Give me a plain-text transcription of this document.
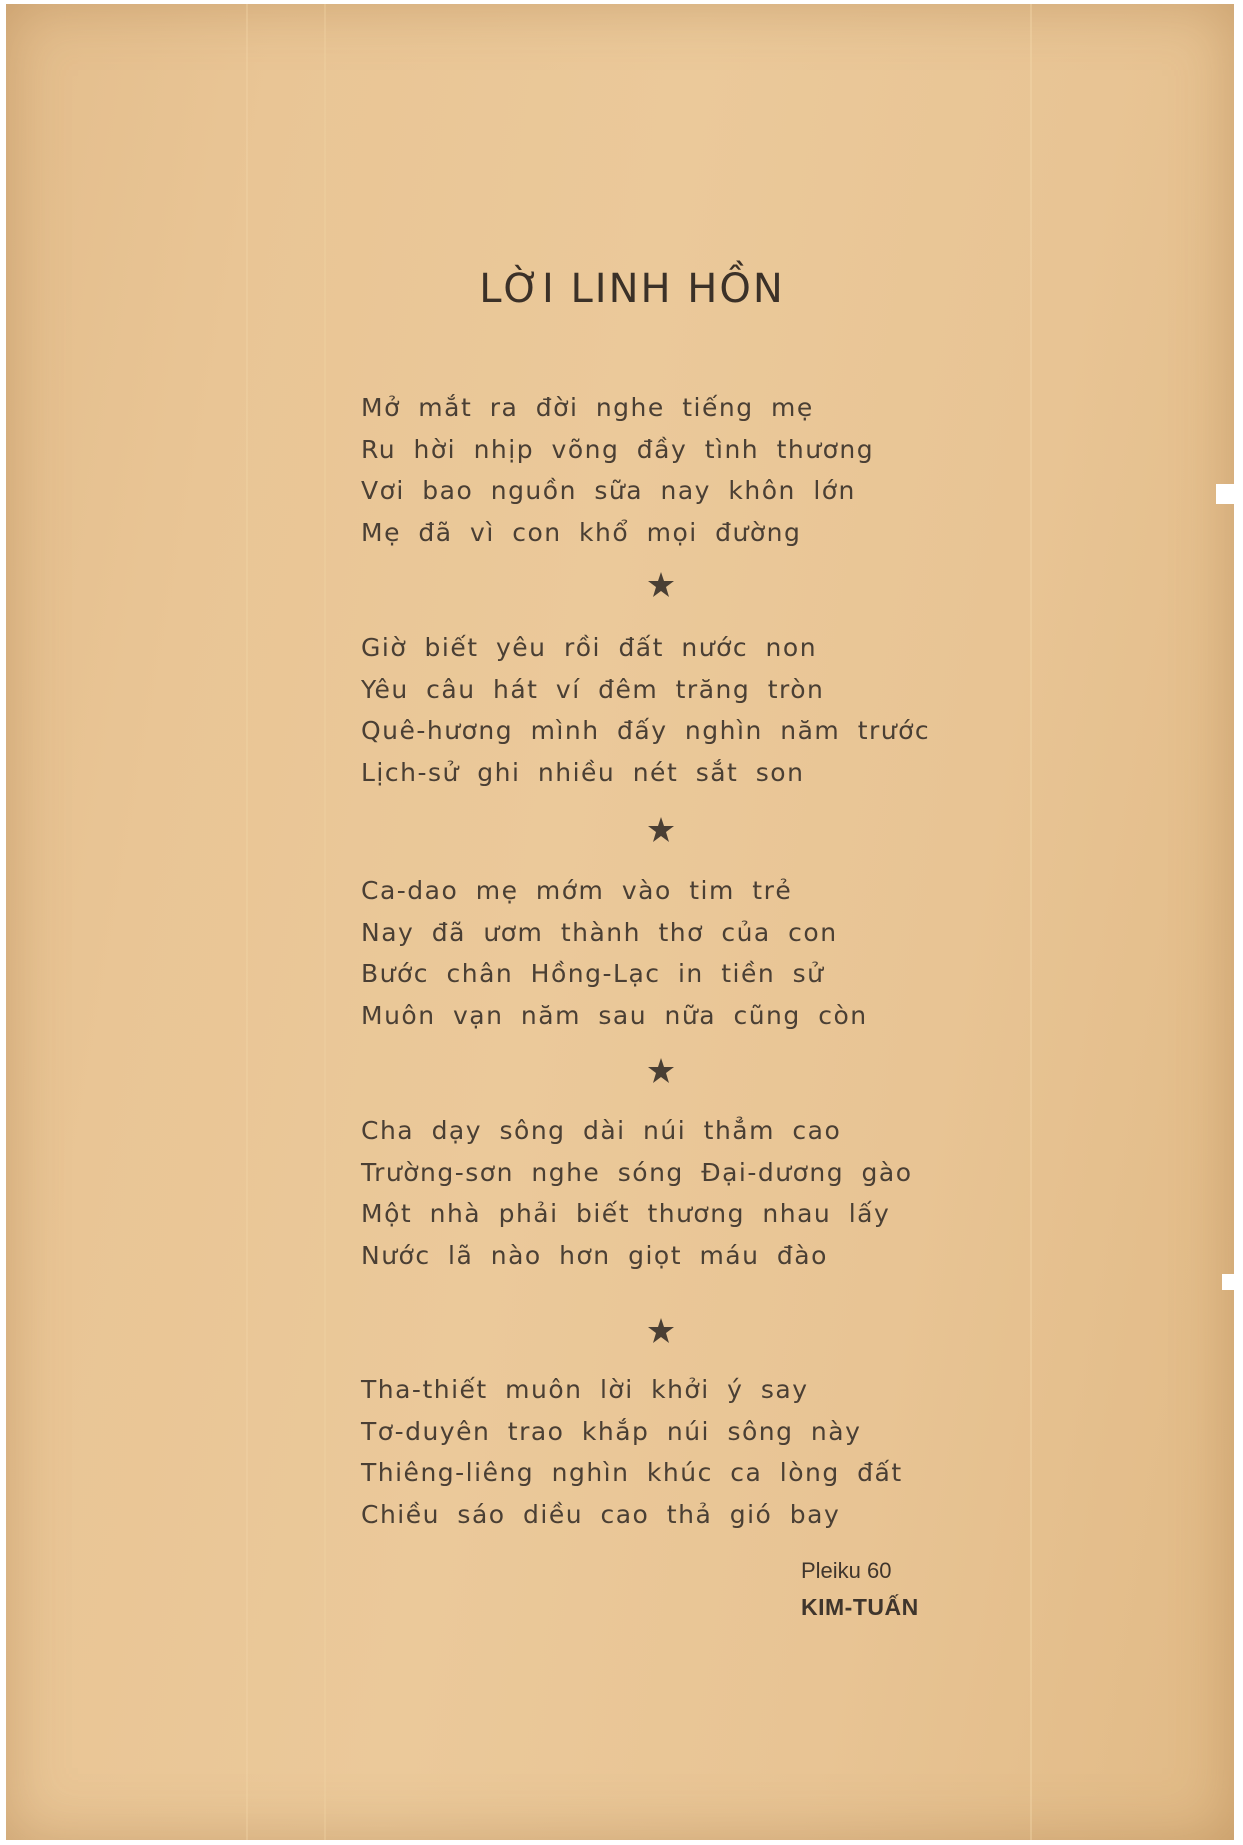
LỜI LINH HỒN
Mở mắt ra đời nghe tiếng mẹ
Ru hời nhịp võng đầy tình thương
Vơi bao nguồn sữa nay khôn lớn
Mẹ đã vì con khổ mọi đường
Giờ biết yêu rồi đất nước non
Yêu câu hát ví đêm trăng tròn
Quê-hương mình đấy nghìn năm trước
Lịch-sử ghi nhiều nét sắt son
Ca-dao mẹ mớm vào tim trẻ
Nay đã ươm thành thơ của con
Bước chân Hồng-Lạc in tiền sử
Muôn vạn năm sau nữa cũng còn
Cha dạy sông dài núi thẳm cao
Trường-sơn nghe sóng Đại-dương gào
Một nhà phải biết thương nhau lấy
Nước lã nào hơn giọt máu đào
Tha-thiết muôn lời khởi ý say
Tơ-duyên trao khắp núi sông này
Thiêng-liêng nghìn khúc ca lòng đất
Chiều sáo diều cao thả gió bay
Pleiku 60
KIM-TUẤN
